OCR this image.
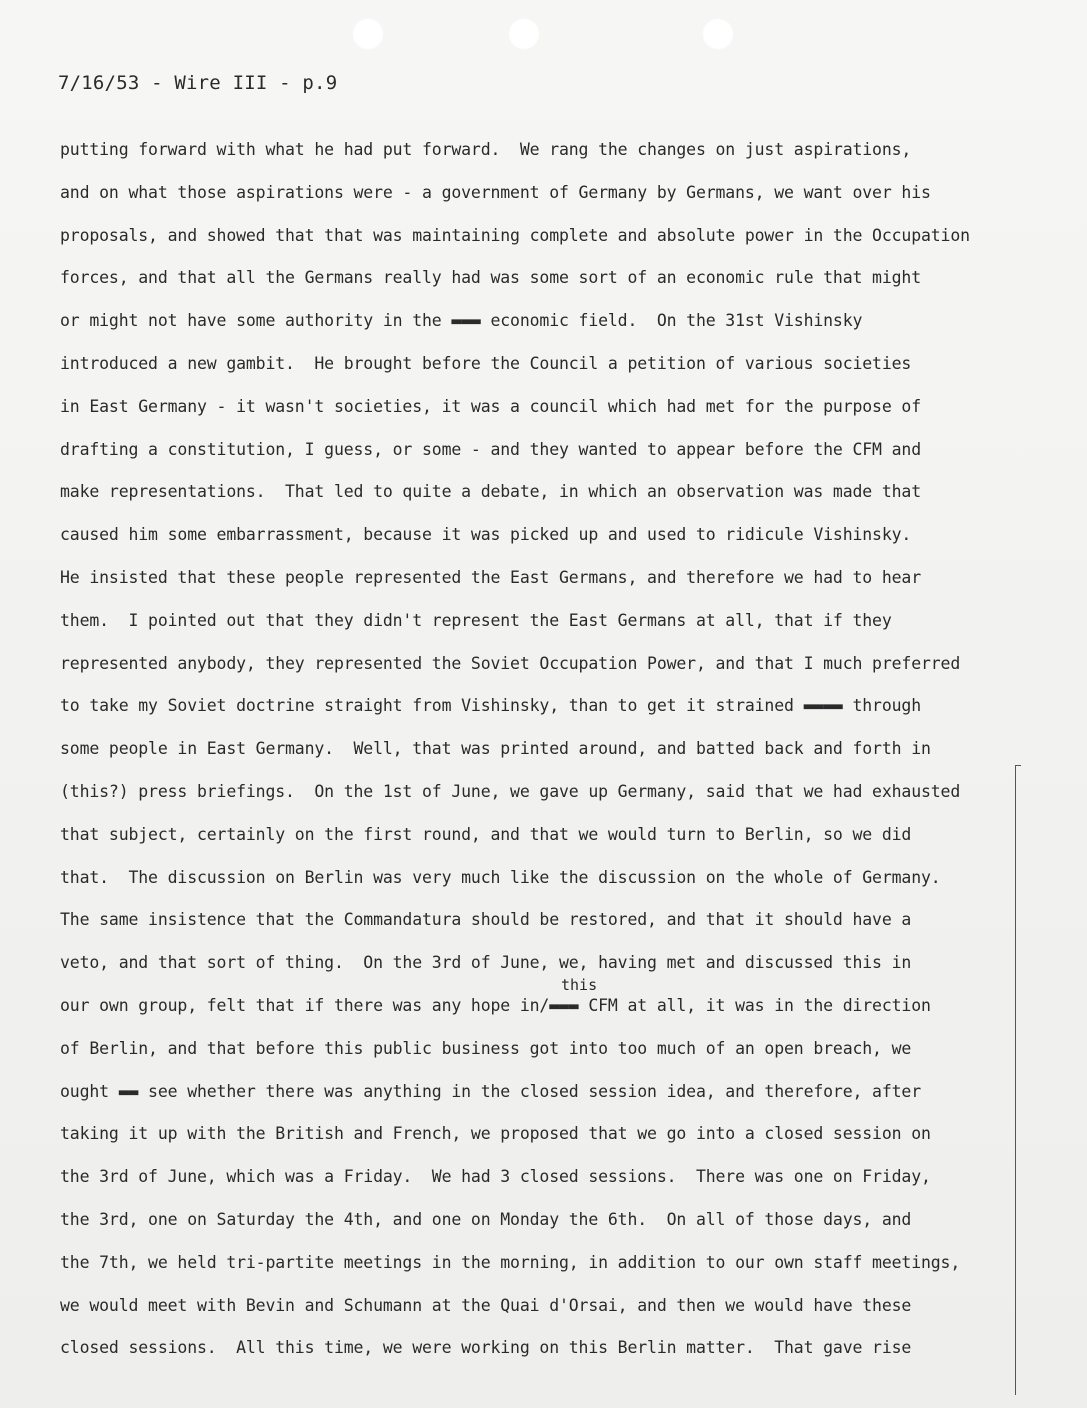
7/16/53 - Wire III - p.9
this
putting forward with what he had put forward.  We rang the changes on just aspirations,
and on what those aspirations were - a government of Germany by Germans, we want over his
proposals, and showed that that was maintaining complete and absolute power in the Occupation
forces, and that all the Germans really had was some sort of an economic rule that might
or might not have some authority in the ▬▬▬ economic field.  On the 31st Vishinsky
introduced a new gambit.  He brought before the Council a petition of various societies
in East Germany - it wasn't societies, it was a council which had met for the purpose of
drafting a constitution, I guess, or some - and they wanted to appear before the CFM and
make representations.  That led to quite a debate, in which an observation was made that
caused him some embarrassment, because it was picked up and used to ridicule Vishinsky.
He insisted that these people represented the East Germans, and therefore we had to hear
them.  I pointed out that they didn't represent the East Germans at all, that if they
represented anybody, they represented the Soviet Occupation Power, and that I much preferred
to take my Soviet doctrine straight from Vishinsky, than to get it strained ▬▬▬▬ through
some people in East Germany.  Well, that was printed around, and batted back and forth in
(this?) press briefings.  On the 1st of June, we gave up Germany, said that we had exhausted
that subject, certainly on the first round, and that we would turn to Berlin, so we did
that.  The discussion on Berlin was very much like the discussion on the whole of Germany.
The same insistence that the Commandatura should be restored, and that it should have a
veto, and that sort of thing.  On the 3rd of June, we, having met and discussed this in
our own group, felt that if there was any hope in/▬▬▬ CFM at all, it was in the direction
of Berlin, and that before this public business got into too much of an open breach, we
ought ▬▬ see whether there was anything in the closed session idea, and therefore, after
taking it up with the British and French, we proposed that we go into a closed session on
the 3rd of June, which was a Friday.  We had 3 closed sessions.  There was one on Friday,
the 3rd, one on Saturday the 4th, and one on Monday the 6th.  On all of those days, and
the 7th, we held tri-partite meetings in the morning, in addition to our own staff meetings,
we would meet with Bevin and Schumann at the Quai d'Orsai, and then we would have these
closed sessions.  All this time, we were working on this Berlin matter.  That gave rise
